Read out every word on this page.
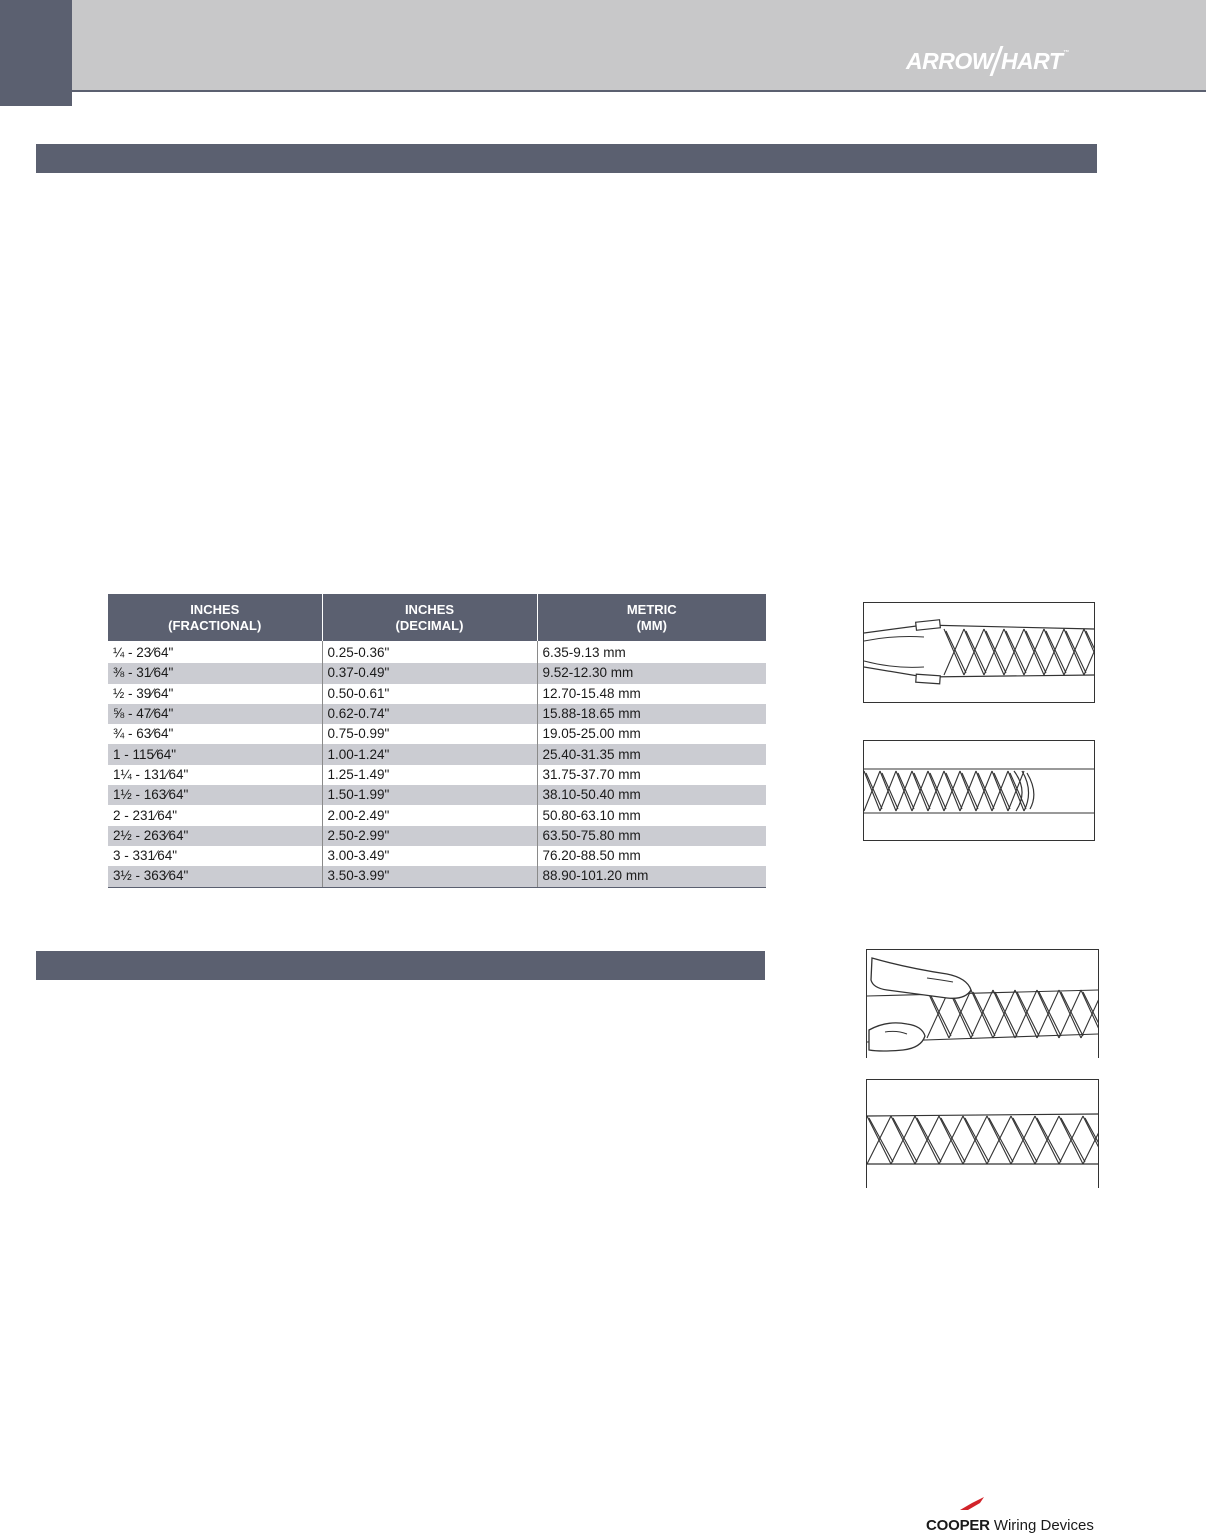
ARROW HART ™
INCHES
(FRACTIONAL)	INCHES
(DECIMAL)	METRIC
(MM)
¼ - 23⁄64"	0.25-0.36"	6.35-9.13 mm
⅜ - 31⁄64"	0.37-0.49"	9.52-12.30 mm
½ - 39⁄64"	0.50-0.61"	12.70-15.48 mm
⅝ - 47⁄64"	0.62-0.74"	15.88-18.65 mm
¾ - 63⁄64"	0.75-0.99"	19.05-25.00 mm
1 - 115⁄64"	1.00-1.24"	25.40-31.35 mm
1¼ - 131⁄64"	1.25-1.49"	31.75-37.70 mm
1½ - 163⁄64"	1.50-1.99"	38.10-50.40 mm
2 - 231⁄64"	2.00-2.49"	50.80-63.10 mm
2½ - 263⁄64"	2.50-2.99"	63.50-75.80 mm
3 - 331⁄64"	3.00-3.49"	76.20-88.50 mm
3½ - 363⁄64"	3.50-3.99"	88.90-101.20 mm
COOPER Wiring Devices
